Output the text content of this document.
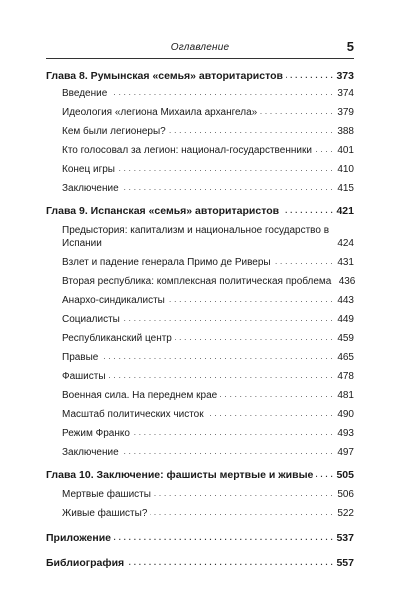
Оглавление	5
Глава 8. Румынская «семья» авторитаристов . . .	373
Введение . . .	374
Идеология «легиона Михаила архангела» . . .	379
Кем были легионеры? . . .	388
Кто голосовал за легион: национал-государственники . . .	401
Конец игры . . .	410
Заключение . . .	415
Глава 9. Испанская «семья» авторитаристов . . .	421
Предыстория: капитализм и национальное государство в Испании	424
Взлет и падение генерала Примо де Риверы . . .	431
Вторая республика: комплексная политическая проблема 436
Анархо-синдикалисты . . .	443
Социалисты . . .	449
Республиканский центр . . .	459
Правые . . .	465
Фашисты . . .	478
Военная сила. На переднем крае . . .	481
Масштаб политических чисток . . .	490
Режим Франко . . .	493
Заключение . . .	497
Глава 10. Заключение: фашисты мертвые и живые . . . 505
Мертвые фашисты . . .	506
Живые фашисты? . . .	522
Приложение . . .	537
Библиография . . .	557
